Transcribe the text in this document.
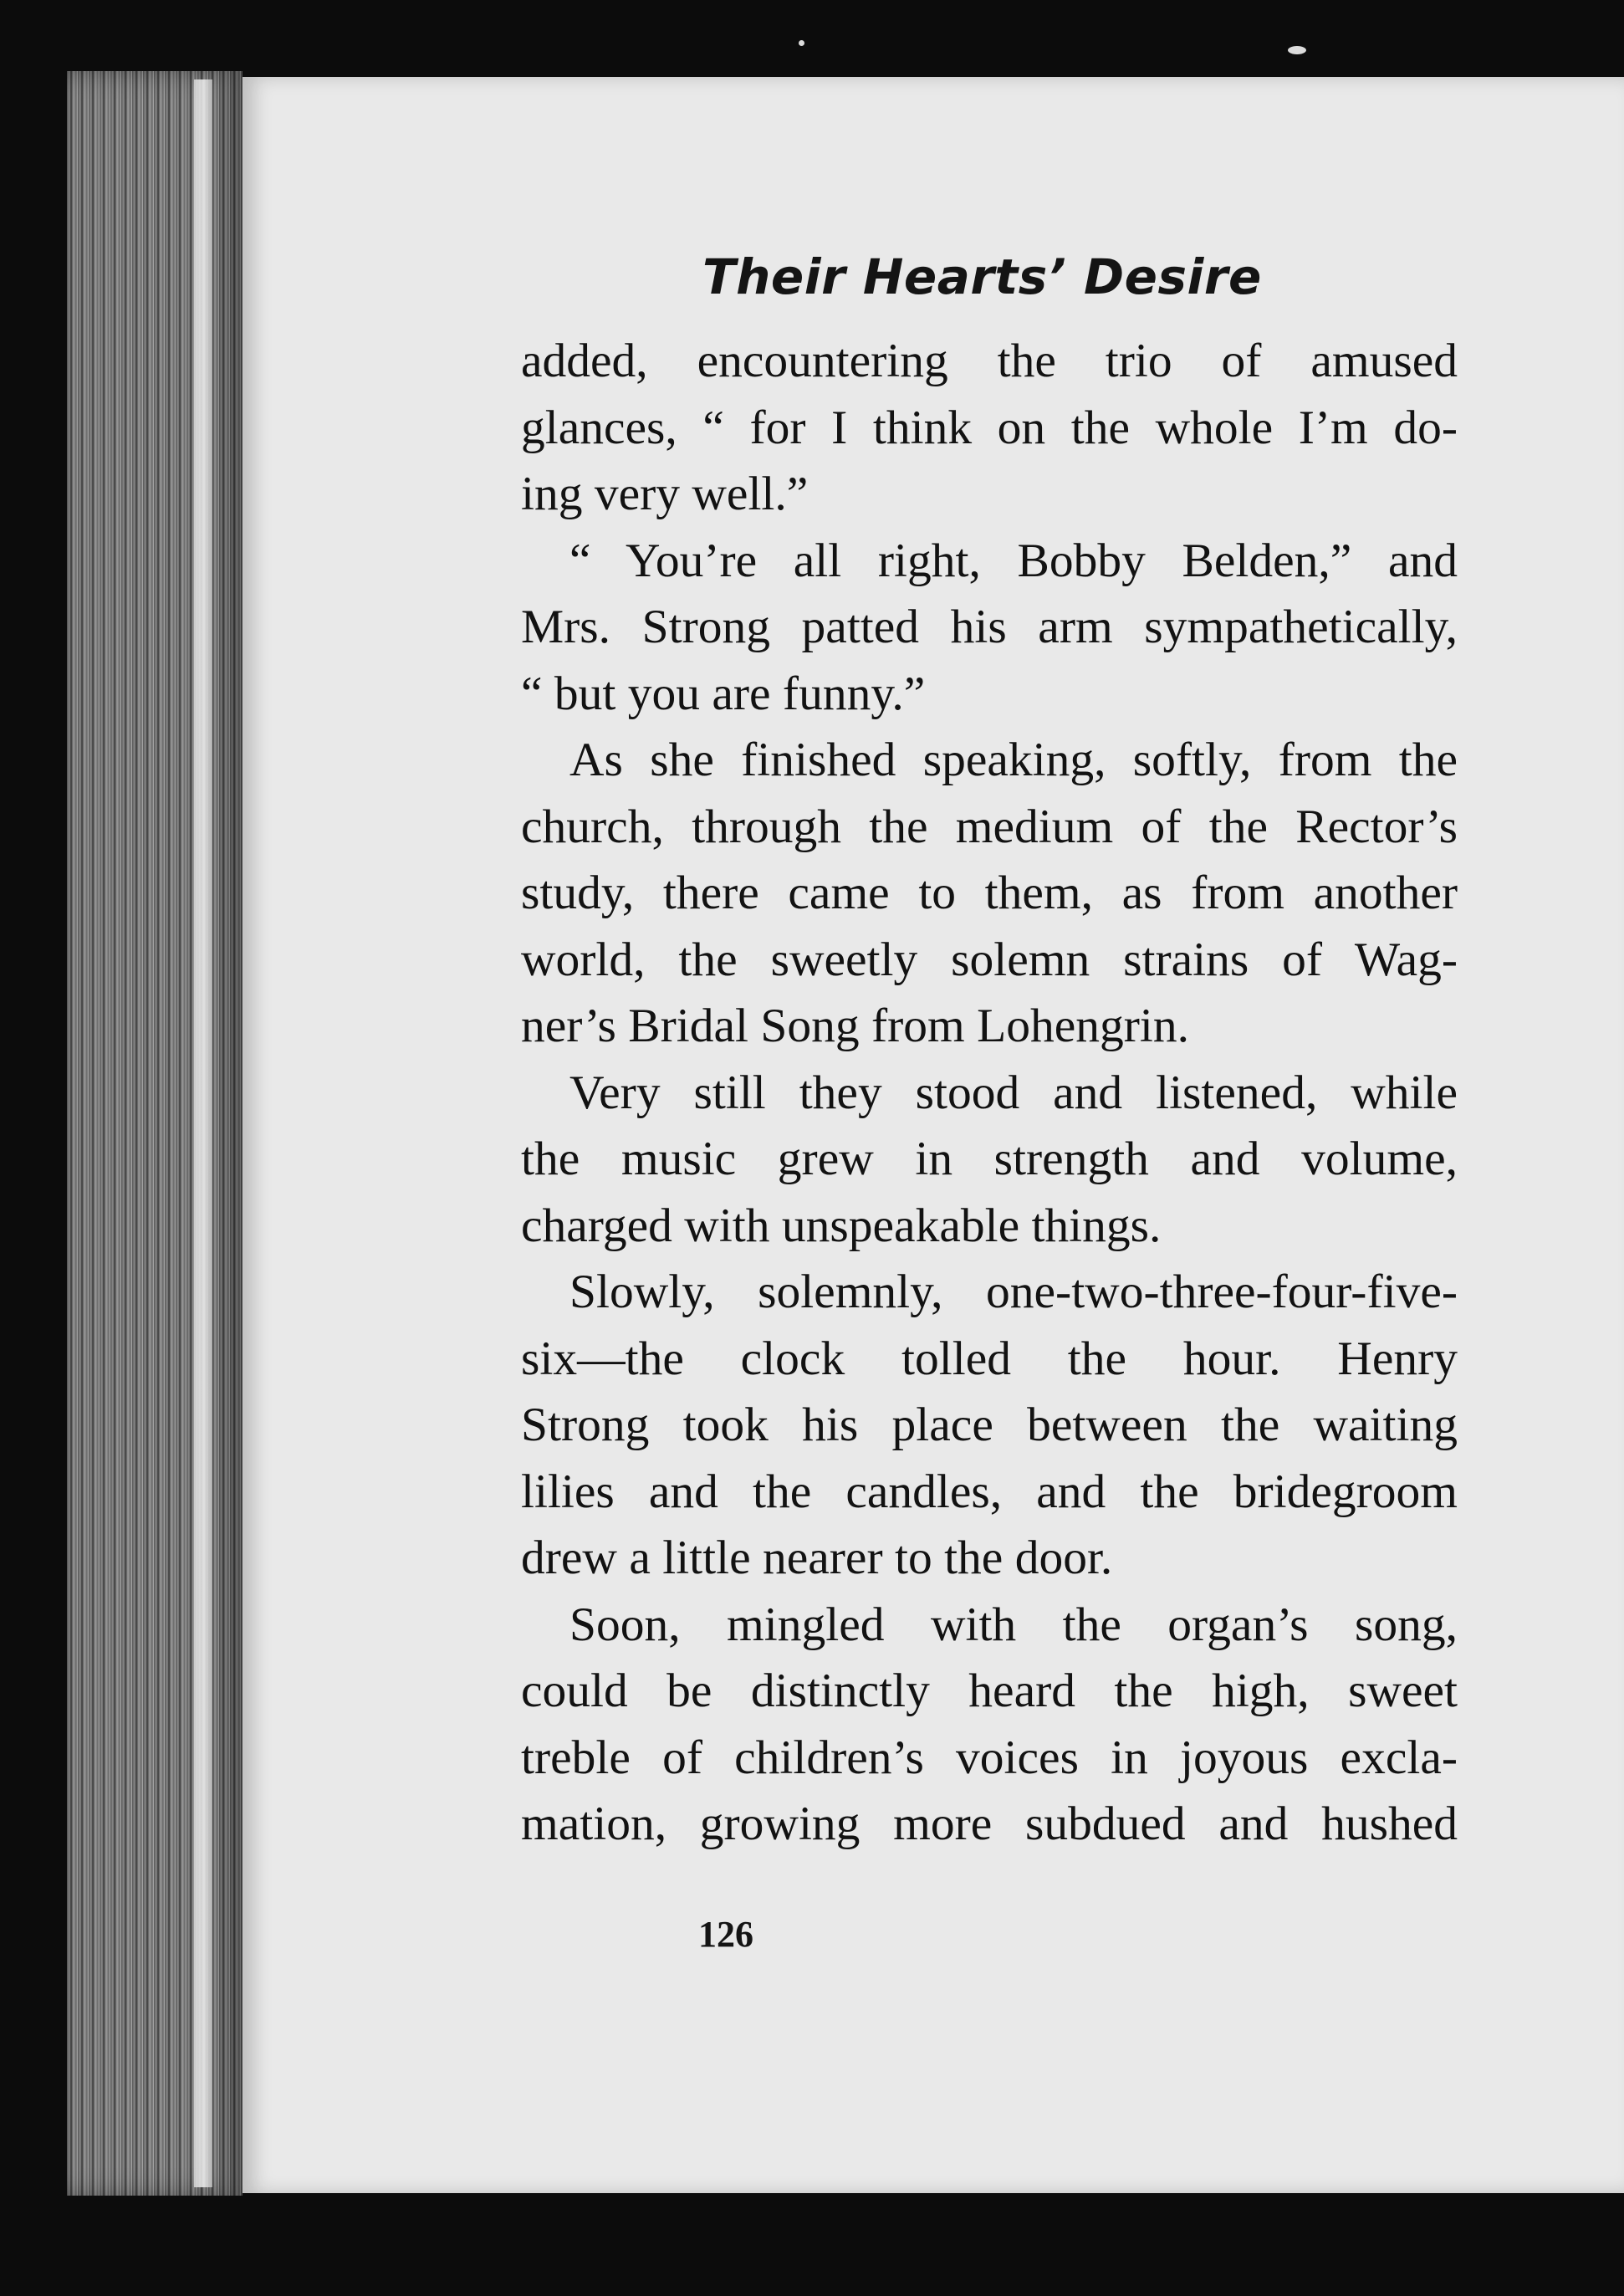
Their Hearts’ Desire
added, encountering the trio of amused
glances, “ for I think on the whole I’m do-
ing very well.”
“ You’re all right, Bobby Belden,” and
Mrs. Strong patted his arm sympathetically,
“ but you are funny.”
As she finished speaking, softly, from the
church, through the medium of the Rector’s
study, there came to them, as from another
world, the sweetly solemn strains of Wag-
ner’s Bridal Song from Lohengrin.
Very still they stood and listened, while
the music grew in strength and volume,
charged with unspeakable things.
Slowly, solemnly, one-two-three-four-five-
six—the clock tolled the hour. Henry
Strong took his place between the waiting
lilies and the candles, and the bridegroom
drew a little nearer to the door.
Soon, mingled with the organ’s song,
could be distinctly heard the high, sweet
treble of children’s voices in joyous excla-
mation, growing more subdued and hushed
126
